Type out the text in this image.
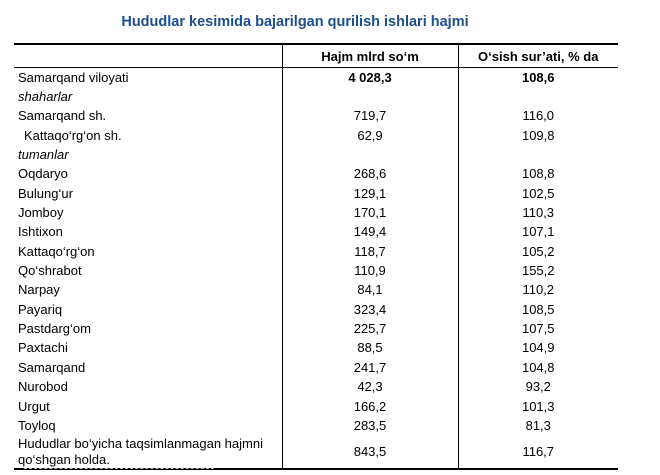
Hududlar kesimida bajarilgan qurilish ishlari hajmi
	Hajm mlrd so‘m	O‘sish sur’ati, % da
Samarqand viloyati	4 028,3	108,6
shaharlar		
Samarqand sh.	719,7	116,0
Kattaqo‘rg‘on sh.	62,9	109,8
tumanlar		
Oqdaryo	268,6	108,8
Bulung‘ur	129,1	102,5
Jomboy	170,1	110,3
Ishtixon	149,4	107,1
Kattaqo‘rg‘on	118,7	105,2
Qo‘shrabot	110,9	155,2
Narpay	84,1	110,2
Payariq	323,4	108,5
Pastdarg‘om	225,7	107,5
Paxtachi	88,5	104,9
Samarqand	241,7	104,8
Nurobod	42,3	93,2
Urgut	166,2	101,3
Toyloq	283,5	81,3
Hududlar bo‘yicha taqsimlanmagan hajmni qo‘shgan holda.	843,5	116,7
